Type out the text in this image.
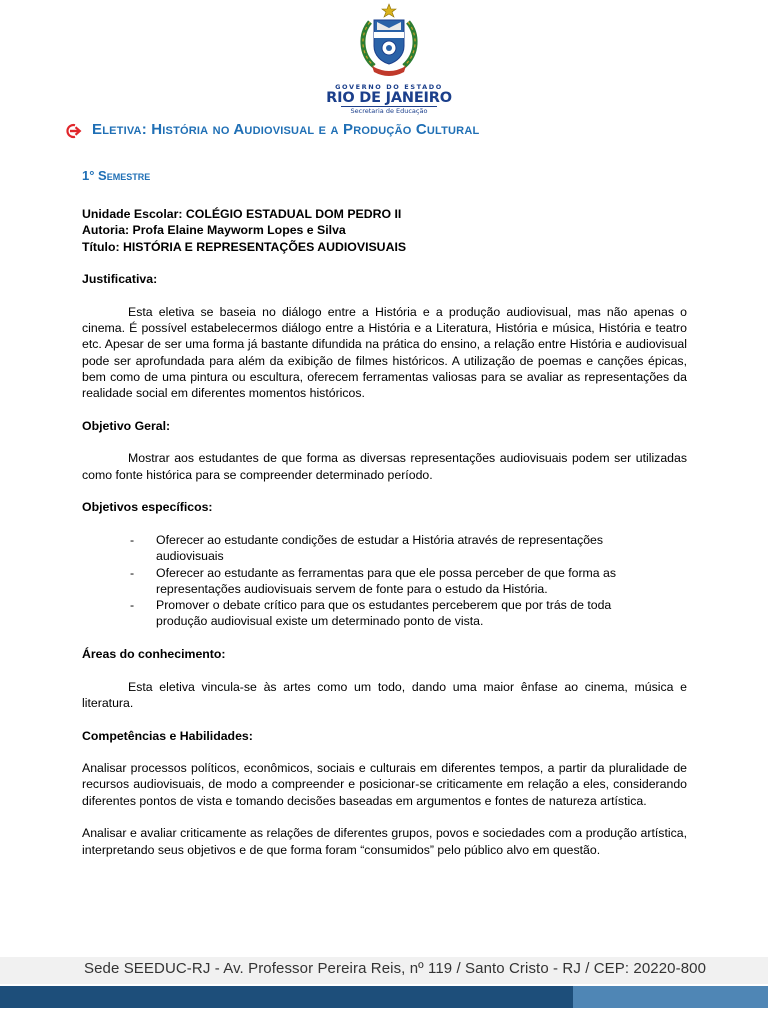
GOVERNO DO ESTADO
RIO DE JANEIRO
Secretaria de Educação
Eletiva: História no Audiovisual e a Produção Cultural
1° Semestre

Unidade Escolar: COLÉGIO ESTADUAL DOM PEDRO II

Autoria: Profa Elaine Mayworm Lopes e Silva

Título: HISTÓRIA E REPRESENTAÇÕES AUDIOVISUAIS

Justificativa:

Esta eletiva se baseia no diálogo entre a História e a produção audiovisual, mas não apenas o cinema. É possível estabelecermos diálogo entre a História e a Literatura, História e música, História e teatro etc. Apesar de ser uma forma já bastante difundida na prática do ensino, a relação entre História e audiovisual pode ser aprofundada para além da exibição de filmes históricos. A utilização de poemas e canções épicas, bem como de uma pintura ou escultura, oferecem ferramentas valiosas para se avaliar as representações da realidade social em diferentes momentos históricos.

Objetivo Geral:

Mostrar aos estudantes de que forma as diversas representações audiovisuais podem ser utilizadas como fonte histórica para se compreender determinado período.

Objetivos específicos:

- Oferecer ao estudante condições de estudar a História através de representações audiovisuais
- Oferecer ao estudante as ferramentas para que ele possa perceber de que forma as representações audiovisuais servem de fonte para o estudo da História.
- Promover o debate crítico para que os estudantes perceberem que por trás de toda produção audiovisual existe um determinado ponto de vista.

Áreas do conhecimento:

Esta eletiva vincula-se às artes como um todo, dando uma maior ênfase ao cinema, música e literatura.

Competências e Habilidades:

Analisar processos políticos, econômicos, sociais e culturais em diferentes tempos, a partir da pluralidade de recursos audiovisuais, de modo a compreender e posicionar-se criticamente em relação a eles, considerando diferentes pontos de vista e tomando decisões baseadas em argumentos e fontes de natureza artística.

Analisar e avaliar criticamente as relações de diferentes grupos, povos e sociedades com a produção artística, interpretando seus objetivos e de que forma foram “consumidos” pelo público alvo em questão.

Sede SEEDUC-RJ - Av. Professor Pereira Reis, nº 119 / Santo Cristo - RJ / CEP: 20220-800
